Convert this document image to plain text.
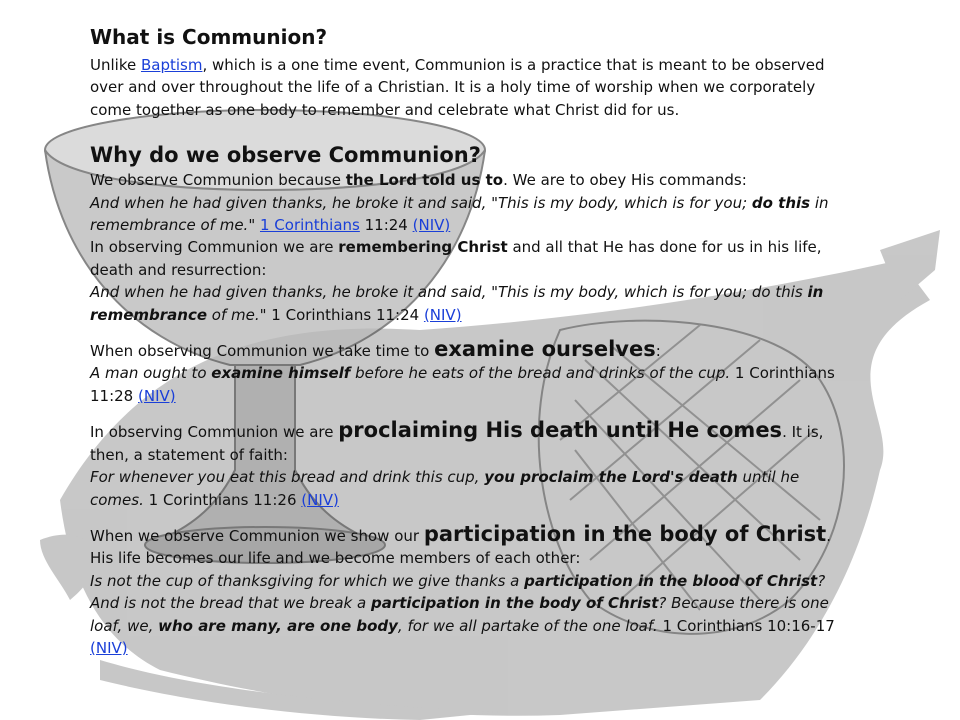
What is Communion?

Unlike Baptism, which is a one time event, Communion is a practice that is meant to be observed over and over throughout the life of a Christian. It is a holy time of worship when we corporately come together as one body to remember and celebrate what Christ did for us.

Why do we observe Communion?

We observe Communion because the Lord told us to. We are to obey His commands:

And when he had given thanks, he broke it and said, "This is my body, which is for you; do this in remembrance of me." 1 Corinthians 11:24 (NIV)

In observing Communion we are remembering Christ and all that He has done for us in his life, death and resurrection:

And when he had given thanks, he broke it and said, "This is my body, which is for you; do this in remembrance of me." 1 Corinthians 11:24 (NIV)

When observing Communion we take time to examine ourselves:

A man ought to examine himself before he eats of the bread and drinks of the cup. 1 Corinthians 11:28 (NIV)

In observing Communion we are proclaiming His death until He comes. It is, then, a statement of faith:

For whenever you eat this bread and drink this cup, you proclaim the Lord's death until he comes. 1 Corinthians 11:26 (NIV)

When we observe Communion we show our participation in the body of Christ. His life becomes our life and we become members of each other:

Is not the cup of thanksgiving for which we give thanks a participation in the blood of Christ? And is not the bread that we break a participation in the body of Christ? Because there is one loaf, we, who are many, are one body, for we all partake of the one loaf. 1 Corinthians 10:16-17 (NIV)
